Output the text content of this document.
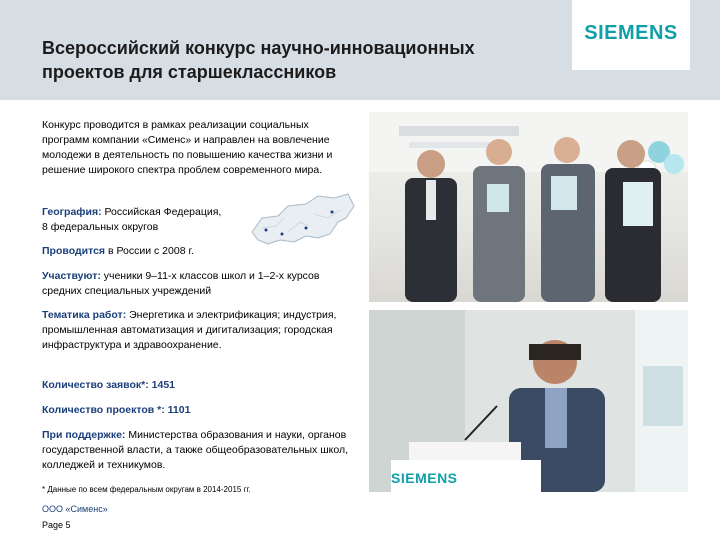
Всероссийский конкурс научно-инновационных
проектов для старшеклассников
SIEMENS
Конкурс проводится в рамках реализации социальных программ компании «Сименс» и направлен на вовлечение молодежи в деятельность по повышению качества жизни и решение широкого спектра проблем современного мира.
География: Российская Федерация,
8 федеральных округов
Проводится в России с 2008 г.
Участвуют: ученики 9–11-х классов школ и 1–2-х курсов средних специальных учреждений
Тематика работ: Энергетика и электрификация; индустрия, промышленная автоматизация и дигитализация; городская инфраструктура и здравоохранение.
Количество заявок*: 1451
Количество проектов *: 1101
При поддержке: Министерства образования и науки, органов государственной власти, а также общеобразовательных школ, колледжей и техникумов.
* Данные по всем федеральным округам в 2014-2015 гг.
ООО «Сименс»
Page 5
SIEMENS
